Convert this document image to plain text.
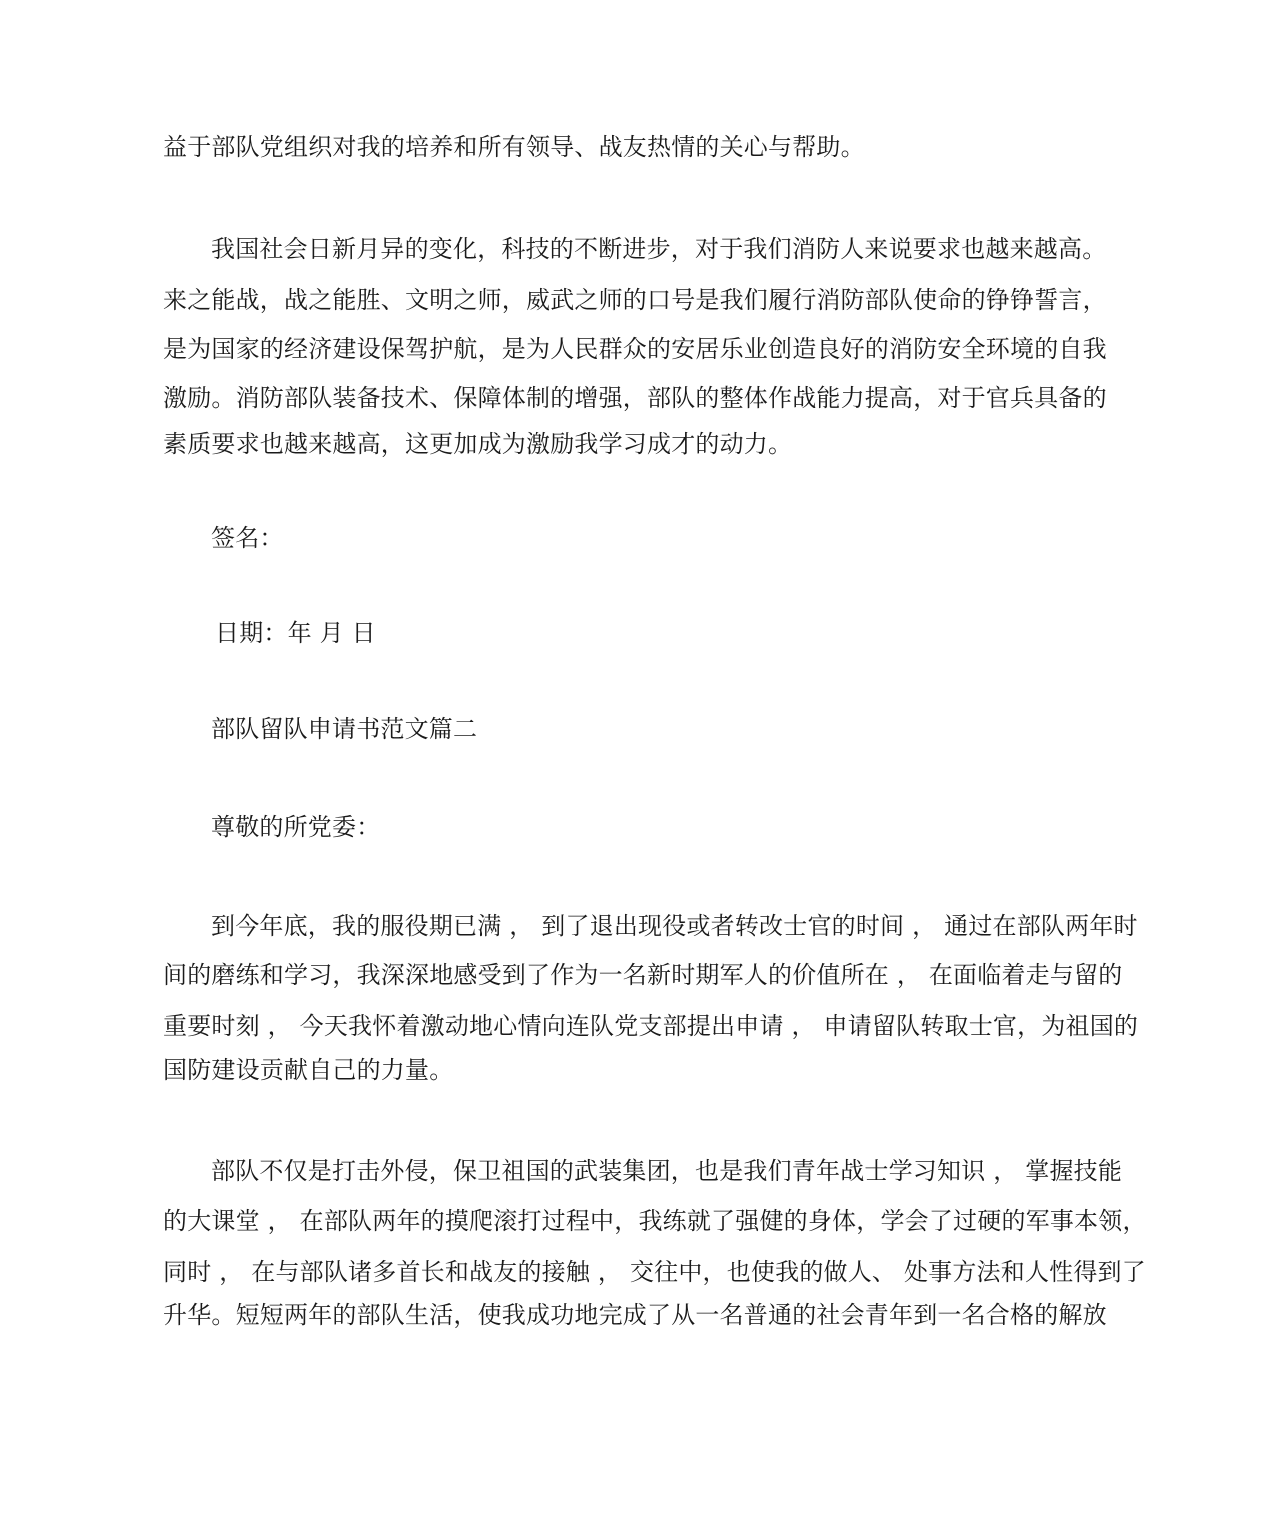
益于部队党组织对我的培养和所有领导、战友热情的关心与帮助。
我国社会日新月异的变化，科技的不断进步，对于我们消防人来说要求也越来越高。
来之能战，战之能胜、文明之师，威武之师的口号是我们履行消防部队使命的铮铮誓言，
是为国家的经济建设保驾护航，是为人民群众的安居乐业创造良好的消防安全环境的自我
激励。消防部队装备技术、保障体制的增强，部队的整体作战能力提高，对于官兵具备的
素质要求也越来越高，这更加成为激励我学习成才的动力。
签名：
日期：年 月 日
部队留队申请书范文篇二
尊敬的所党委：
到今年底，我的服役期已满 ， 到了退出现役或者转改士官的时间 ， 通过在部队两年时
间的磨练和学习，我深深地感受到了作为一名新时期军人的价值所在 ， 在面临着走与留的
重要时刻 ， 今天我怀着激动地心情向连队党支部提出申请 ， 申请留队转取士官，为祖国的
国防建设贡献自己的力量。
部队不仅是打击外侵，保卫祖国的武装集团，也是我们青年战士学习知识 ， 掌握技能
的大课堂 ， 在部队两年的摸爬滚打过程中，我练就了强健的身体，学会了过硬的军事本领，
同时 ， 在与部队诸多首长和战友的接触 ， 交往中，也使我的做人、 处事方法和人性得到了
升华。短短两年的部队生活，使我成功地完成了从一名普通的社会青年到一名合格的解放
